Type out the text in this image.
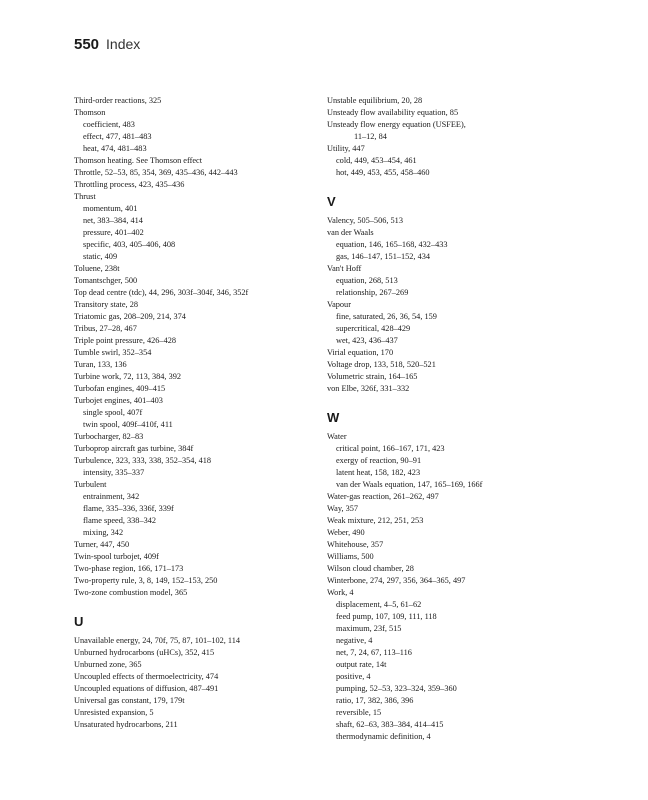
550 Index
Third-order reactions, 325
Thomson
coefficient, 483
effect, 477, 481–483
heat, 474, 481–483
Thomson heating. See Thomson effect
Throttle, 52–53, 85, 354, 369, 435–436, 442–443
Throttling process, 423, 435–436
Thrust
momentum, 401
net, 383–384, 414
pressure, 401–402
specific, 403, 405–406, 408
static, 409
Toluene, 238t
Tomantschger, 500
Top dead centre (tdc), 44, 296, 303f–304f, 346, 352f
Transitory state, 28
Triatomic gas, 208–209, 214, 374
Tribus, 27–28, 467
Triple point pressure, 426–428
Tumble swirl, 352–354
Turan, 133, 136
Turbine work, 72, 113, 384, 392
Turbofan engines, 409–415
Turbojet engines, 401–403
single spool, 407f
twin spool, 409f–410f, 411
Turbocharger, 82–83
Turboprop aircraft gas turbine, 384f
Turbulence, 323, 333, 338, 352–354, 418
intensity, 335–337
Turbulent
entrainment, 342
flame, 335–336, 336f, 339f
flame speed, 338–342
mixing, 342
Turner, 447, 450
Twin-spool turbojet, 409f
Two-phase region, 166, 171–173
Two-property rule, 3, 8, 149, 152–153, 250
Two-zone combustion model, 365
U
Unavailable energy, 24, 70f, 75, 87, 101–102, 114
Unburned hydrocarbons (uHCs), 352, 415
Unburned zone, 365
Uncoupled effects of thermoelectricity, 474
Uncoupled equations of diffusion, 487–491
Universal gas constant, 179, 179t
Unresisted expansion, 5
Unsaturated hydrocarbons, 211
Unstable equilibrium, 20, 28
Unsteady flow availability equation, 85
Unsteady flow energy equation (USFEE),
11–12, 84
Utility, 447
cold, 449, 453–454, 461
hot, 449, 453, 455, 458–460
V
Valency, 505–506, 513
van der Waals
equation, 146, 165–168, 432–433
gas, 146–147, 151–152, 434
Van't Hoff
equation, 268, 513
relationship, 267–269
Vapour
fine, saturated, 26, 36, 54, 159
supercritical, 428–429
wet, 423, 436–437
Virial equation, 170
Voltage drop, 133, 518, 520–521
Volumetric strain, 164–165
von Elbe, 326f, 331–332
W
Water
critical point, 166–167, 171, 423
exergy of reaction, 90–91
latent heat, 158, 182, 423
van der Waals equation, 147, 165–169, 166f
Water-gas reaction, 261–262, 497
Way, 357
Weak mixture, 212, 251, 253
Weber, 490
Whitehouse, 357
Williams, 500
Wilson cloud chamber, 28
Winterbone, 274, 297, 356, 364–365, 497
Work, 4
displacement, 4–5, 61–62
feed pump, 107, 109, 111, 118
maximum, 23f, 515
negative, 4
net, 7, 24, 67, 113–116
output rate, 14t
positive, 4
pumping, 52–53, 323–324, 359–360
ratio, 17, 382, 386, 396
reversible, 15
shaft, 62–63, 383–384, 414–415
thermodynamic definition, 4
